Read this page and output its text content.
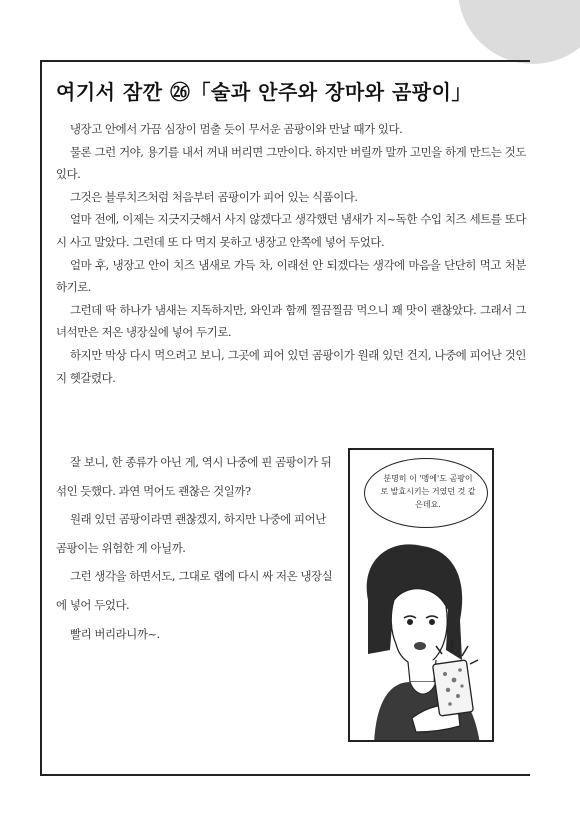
여기서 잠깐 ㉖「술과 안주와 장마와 곰팡이」

냉장고 안에서 가끔 심장이 멈출 듯이 무서운 곰팡이와 만날 때가 있다.

물론 그런 거야, 용기를 내서 꺼내 버리면 그만이다. 하지만 버릴까 말까 고민을 하게 만드는 것도 있다.

그것은 블루치즈처럼 처음부터 곰팡이가 피어 있는 식품이다.

얼마 전에, 이제는 지긋지긋해서 사지 않겠다고 생각했던 냄새가 지~독한 수입 치즈 세트를 또다시 사고 말았다. 그런데 또 다 먹지 못하고 냉장고 안쪽에 넣어 두었다.

얼마 후, 냉장고 안이 치즈 냄새로 가득 차, 이래선 안 되겠다는 생각에 마음을 단단히 먹고 처분하기로.

그런데 딱 하나가 냄새는 지독하지만, 와인과 함께 찔끔찔끔 먹으니 꽤 맛이 괜찮았다. 그래서 그 녀석만은 저온 냉장실에 넣어 두기로.

하지만 막상 다시 먹으려고 보니, 그곳에 피어 있던 곰팡이가 원래 있던 건지, 나중에 피어난 것인지 헷갈렸다.

잘 보니, 한 종류가 아닌 게, 역시 나중에 핀 곰팡이가 뒤섞인 듯했다. 과연 먹어도 괜찮은 것일까?

원래 있던 곰팡이라면 괜찮겠지, 하지만 나중에 피어난 곰팡이는 위험한 게 아닐까.

그런 생각을 하면서도, 그대로 랩에 다시 싸 저온 냉장실에 넣어 두었다.

빨리 버리라니까~.

분명히 이 '멩에'도 곰팡이로 발효시키는 거였던 것 같은데요.
